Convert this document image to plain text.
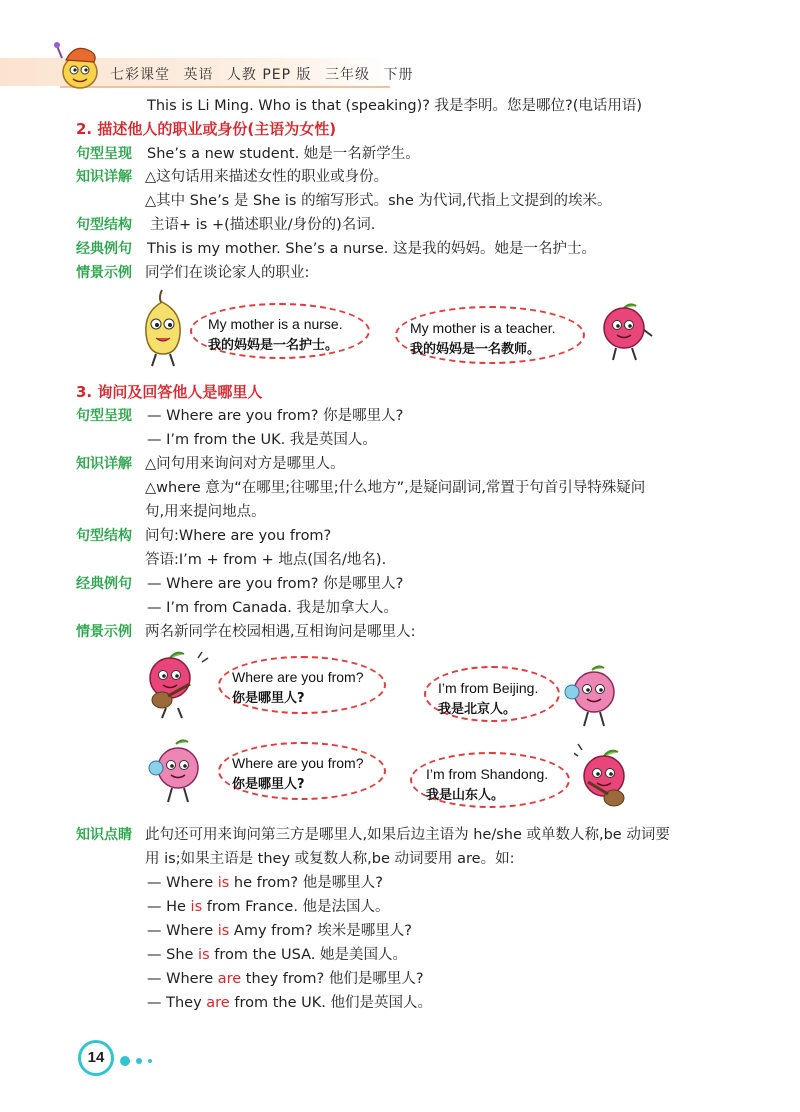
七彩课堂 英语 人教 PEP 版 三年级 下册
This is Li Ming. Who is that (speaking)? 我是李明。您是哪位?(电话用语)
2. 描述他人的职业或身份(主语为女性)
句型呈现 She’s a new student. 她是一名新学生。
知识详解 △这句话用来描述女性的职业或身份。
△其中 She’s 是 She is 的缩写形式。she 为代词,代指上文提到的埃米。
句型结构 主语+ is +(描述职业/身份的)名词.
经典例句 This is my mother. She’s a nurse. 这是我的妈妈。她是一名护士。
情景示例 同学们在谈论家人的职业:
My mother is a nurse.
我的妈妈是一名护士。
My mother is a teacher.
我的妈妈是一名教师。
3. 询问及回答他人是哪里人
句型呈现 — Where are you from? 你是哪里人?
— I’m from the UK. 我是英国人。
知识详解 △问句用来询问对方是哪里人。
△where 意为“在哪里;往哪里;什么地方”,是疑问副词,常置于句首引导特殊疑问
句,用来提问地点。
句型结构 问句:Where are you from?
答语:I’m + from + 地点(国名/地名).
经典例句 — Where are you from? 你是哪里人?
— I’m from Canada. 我是加拿大人。
情景示例 两名新同学在校园相遇,互相询问是哪里人:
Where are you from?
你是哪里人?
I’m from Beijing.
我是北京人。
Where are you from?
你是哪里人?
I’m from Shandong.
我是山东人。
知识点睛 此句还可用来询问第三方是哪里人,如果后边主语为 he/she 或单数人称,be 动词要
用 is;如果主语是 they 或复数人称,be 动词要用 are。如:
— Where is he from? 他是哪里人?
— He is from France. 他是法国人。
— Where is Amy from? 埃米是哪里人?
— She is from the USA. 她是美国人。
— Where are they from? 他们是哪里人?
— They are from the UK. 他们是英国人。
14
